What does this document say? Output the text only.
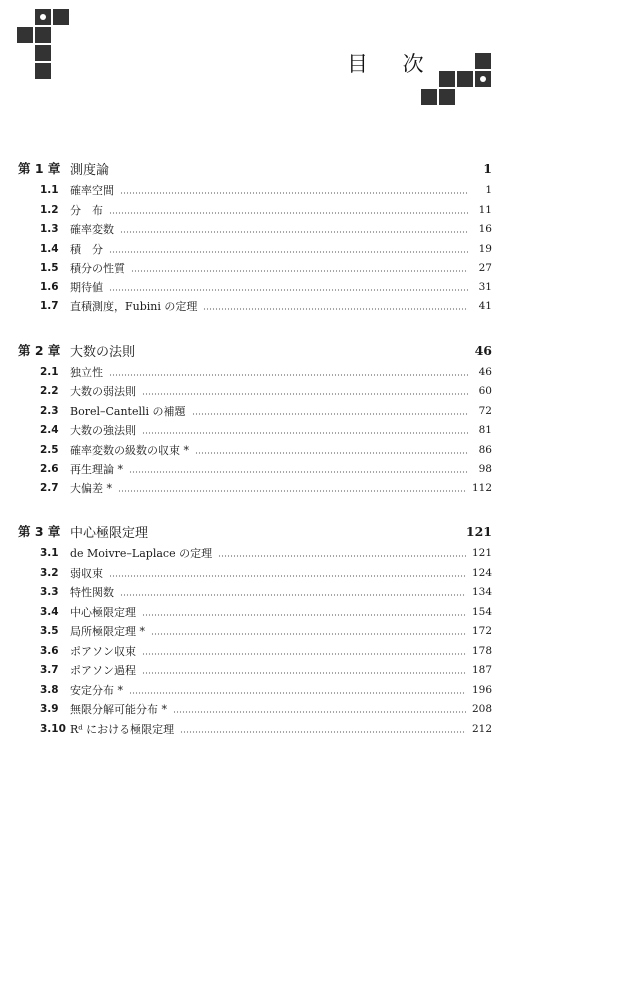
目 次
第 1 章 測度論	1
1.1	確率空間	1
1.2	分　布	11
1.3	確率変数	16
1.4	積　分	19
1.5	積分の性質	27
1.6	期待値	31
1.7	直積測度，Fubini の定理	41
第 2 章 大数の法則	46
2.1	独立性	46
2.2	大数の弱法則	60
2.3	Borel–Cantelli の補題	72
2.4	大数の強法則	81
2.5	確率変数の級数の収束 *	86
2.6	再生理論 *	98
2.7	大偏差 *	112
第 3 章 中心極限定理	121
3.1	de Moivre–Laplace の定理	121
3.2	弱収束	124
3.3	特性関数	134
3.4	中心極限定理	154
3.5	局所極限定理 *	172
3.6	ポアソン収束	178
3.7	ポアソン過程	187
3.8	安定分布 *	196
3.9	無限分解可能分布 *	208
3.10 Rᵈ における極限定理	212
